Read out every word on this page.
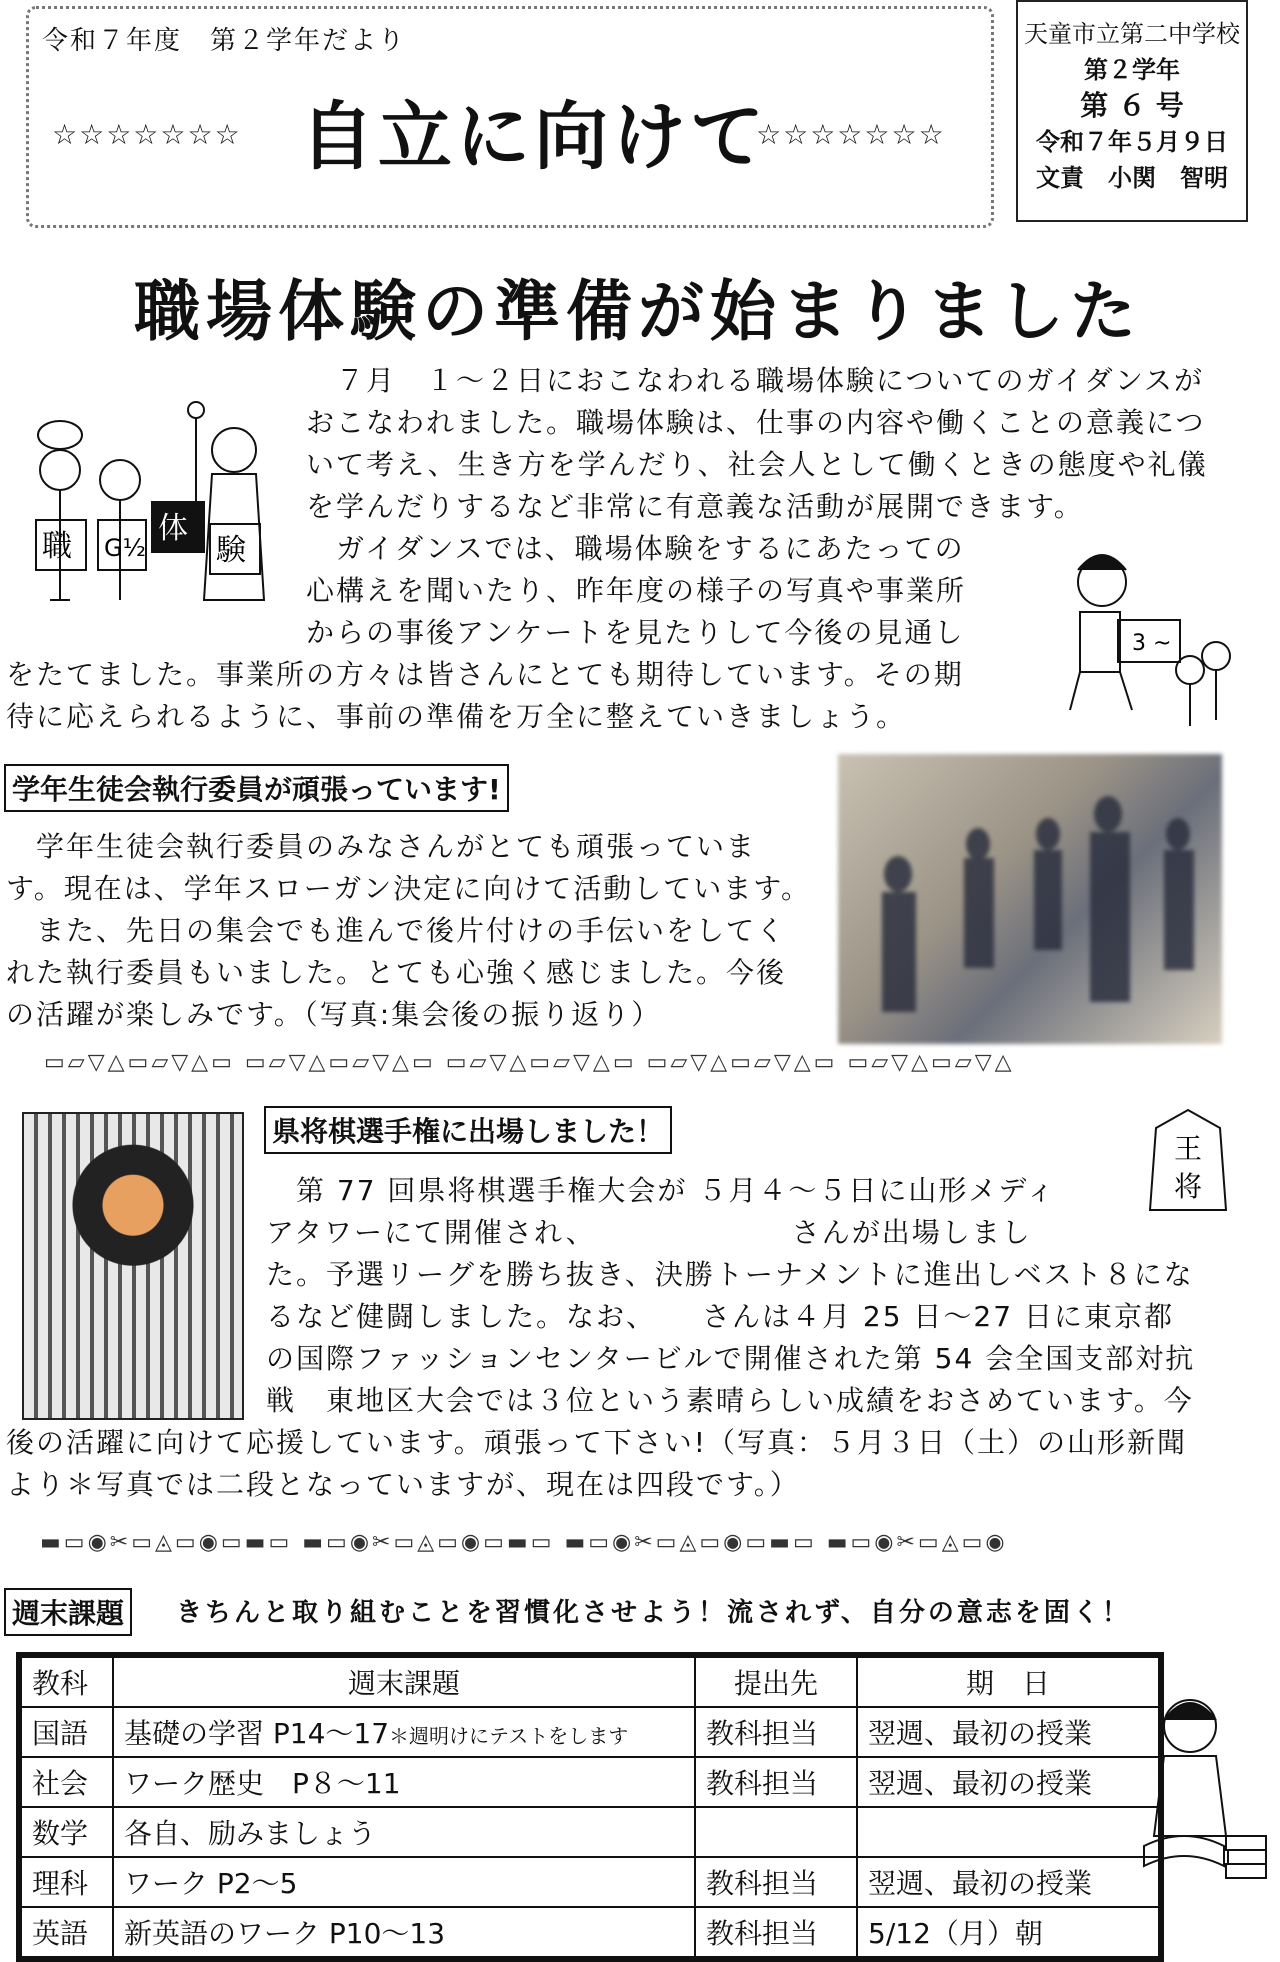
令和７年度　第２学年だより
☆☆☆☆☆☆☆ 自立に向けて
☆☆☆☆☆☆☆
天童市立第二中学校
第２学年
第 ６ 号
令和７年５月９日
文責　小関　智明
職場体験の準備が始まりました
職 G½
体
験
　７月　１～２日におこなわれる職場体験についてのガイダンスが
おこなわれました。職場体験は、仕事の内容や働くことの意義につ
いて考え、生き方を学んだり、社会人として働くときの態度や礼儀
を学んだりするなど非常に有意義な活動が展開できます。
　ガイダンスでは、職場体験をするにあたっての
心構えを聞いたり、昨年度の様子の写真や事業所
からの事後アンケートを見たりして今後の見通し
をたてました。事業所の方々は皆さんにとても期待しています。その期
待に応えられるように、事前の準備を万全に整えていきましょう。
3 ~
学年生徒会執行委員が頑張っています!
　学年生徒会執行委員のみなさんがとても頑張っていま
す。現在は、学年スローガン決定に向けて活動しています。
　また、先日の集会でも進んで後片付けの手伝いをしてく
れた執行委員もいました。とても心強く感じました。今後
の活躍が楽しみです。（写真:集会後の振り返り）
▭▱▽△▭▱▽△▭ ▭▱▽△▭▱▽△▭ ▭▱▽△▭▱▽△▭ ▭▱▽△▭▱▽△▭ ▭▱▽△▭▱▽△
県将棋選手権に出場しました！
王
将
　第 77 回県将棋選手権大会が ５月４～５日に山形メディ
アタワーにて開催され、　　　　　　　さんが出場しまし
た。予選リーグを勝ち抜き、決勝トーナメントに進出しベスト８にな
るなど健闘しました。なお、　　さんは４月 25 日～27 日に東京都
の国際ファッションセンタービルで開催された第 54 会全国支部対抗
戦　東地区大会では３位という素晴らしい成績をおさめています。今
後の活躍に向けて応援しています。頑張って下さい!（写真：５月３日（土）の山形新聞
より＊写真では二段となっていますが、現在は四段です。）
▬▭◉✂▭◬▭◉▭▬▭ ▬▭◉✂▭◬▭◉▭▬▭ ▬▭◉✂▭◬▭◉▭▬▭ ▬▭◉✂▭◬▭◉
週末課題	きちんと取り組むことを習慣化させよう！流されず、自分の意志を固く！
教科	週末課題	提出先	期　日
国語	基礎の学習 P14～17＊週明けにテストをします	教科担当	翌週、最初の授業
社会	ワーク歴史　P８～11	教科担当	翌週、最初の授業
数学	各自、励みましょう		
理科	ワーク P2～5	教科担当	翌週、最初の授業
英語	新英語のワーク P10～13	教科担当	5/12（月）朝
